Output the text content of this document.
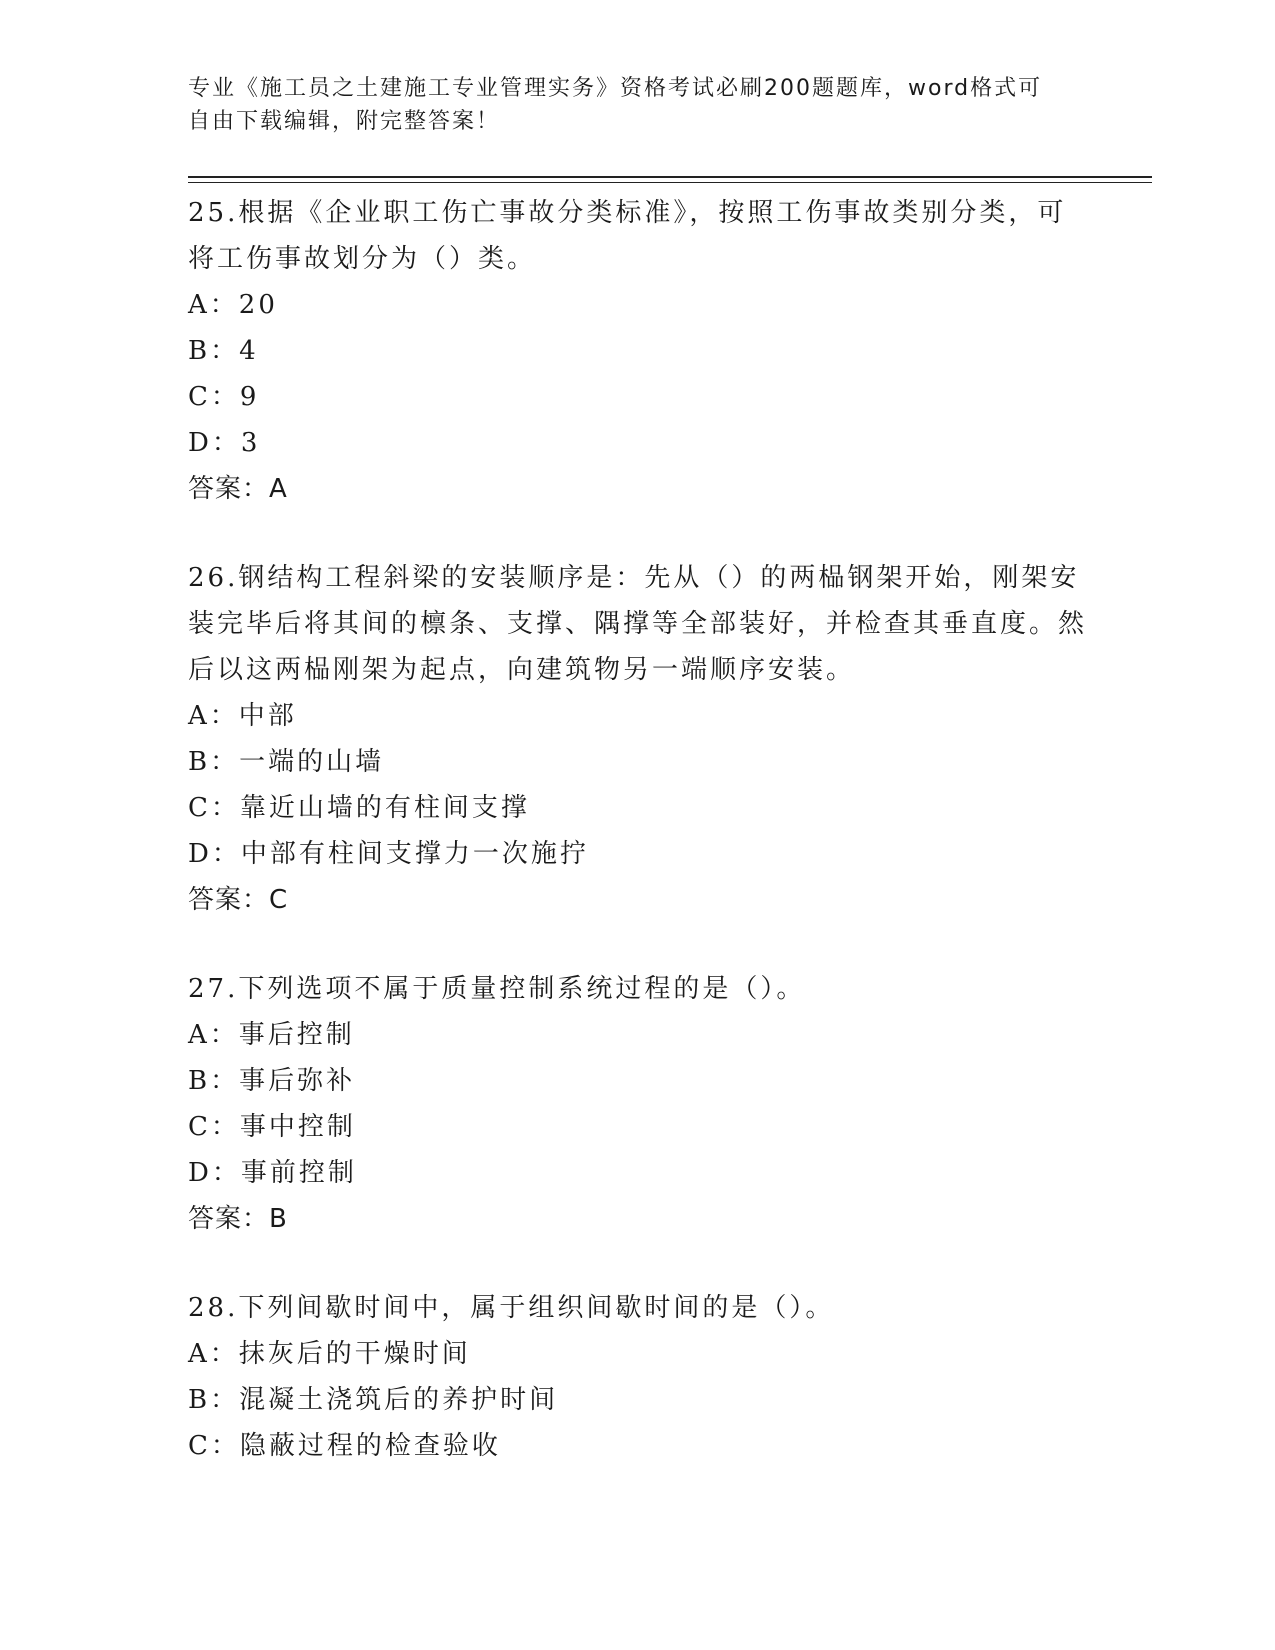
专业《施工员之土建施工专业管理实务》资格考试必刷200题题库，word格式可
自由下载编辑，附完整答案！
25.根据《企业职工伤亡事故分类标准》，按照工伤事故类别分类，可将工伤事故划分为（）类。
A：20
B：4
C：9
D：3
答案：A
26.钢结构工程斜梁的安装顺序是：先从（）的两榀钢架开始，刚架安装完毕后将其间的檩条、支撑、隅撑等全部装好，并检查其垂直度。然后以这两榀刚架为起点，向建筑物另一端顺序安装。
A：中部
B：一端的山墙
C：靠近山墙的有柱间支撑
D：中部有柱间支撑力一次施拧
答案：C
27.下列选项不属于质量控制系统过程的是（）。
A：事后控制
B：事后弥补
C：事中控制
D：事前控制
答案：B
28.下列间歇时间中，属于组织间歇时间的是（）。
A：抹灰后的干燥时间
B：混凝土浇筑后的养护时间
C：隐蔽过程的检查验收
